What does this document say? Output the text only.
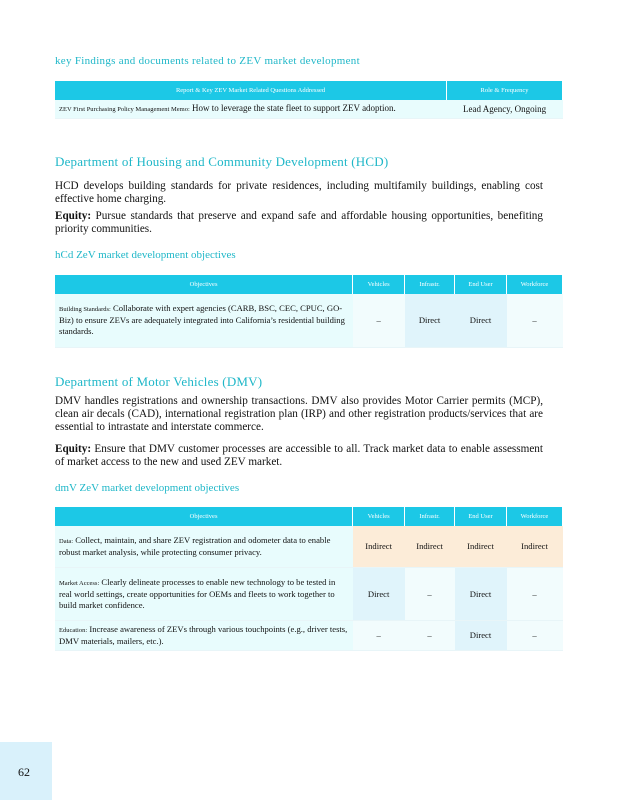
key Findings and documents related to ZEV market development
Report & Key ZEV Market Related Questions Addressed	Role & Frequency
ZEV First Purchasing Policy Management Memo: How to leverage the state fleet to support ZEV adoption.	Lead Agency, Ongoing
Department of Housing and Community Development (HCD)
HCD develops building standards for private residences, including multifamily buildings, enabling cost effective home charging.
Equity: Pursue standards that preserve and expand safe and affordable housing opportunities, benefiting priority communities.
hCd ZeV market development objectives
Objectives	Vehicles	Infrastr.	End User	Workforce
Building Standards: Collaborate with expert agencies (CARB, BSC, CEC, CPUC, GO-Biz) to ensure ZEVs are adequately integrated into California’s residential building standards.	–	Direct	Direct	–
Department of Motor Vehicles (DMV)
DMV handles registrations and ownership transactions. DMV also provides Motor Carrier permits (MCP), clean air decals (CAD), international registration plan (IRP) and other registration products/services that are essential to intrastate and interstate commerce.
Equity: Ensure that DMV customer processes are accessible to all. Track market data to enable assessment of market access to the new and used ZEV market.
dmV ZeV market development objectives
Objectives	Vehicles	Infrastr.	End User	Workforce
Data: Collect, maintain, and share ZEV registration and odometer data to enable robust market analysis, while protecting consumer privacy.	Indirect	Indirect	Indirect	Indirect
Market Access: Clearly delineate processes to enable new technology to be tested in real world settings, create opportunities for OEMs and fleets to work together to build market confidence.	Direct	–	Direct	–
Education: Increase awareness of ZEVs through various touchpoints (e.g., driver tests, DMV materials, mailers, etc.).	–	–	Direct	–
62
